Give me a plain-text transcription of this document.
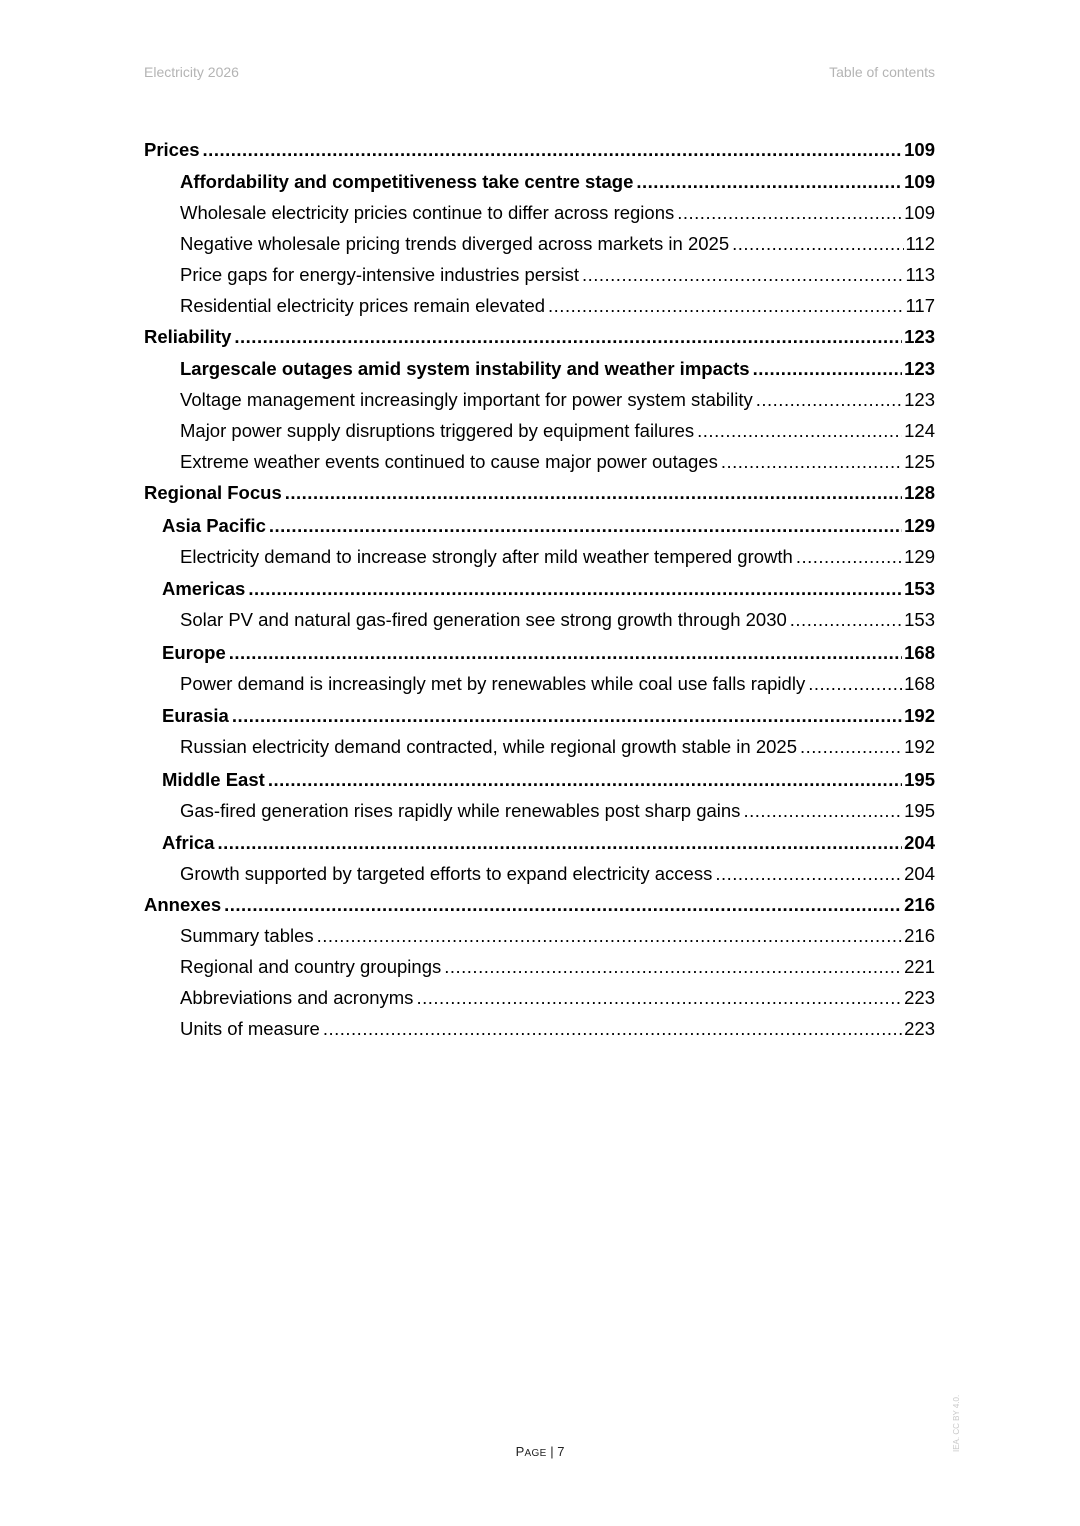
Electricity 2026	Table of contents
Prices .....	109
Affordability and competitiveness take centre stage .....	109
Wholesale electricity pricies continue to differ across regions .....	109
Negative wholesale pricing trends diverged across markets in 2025 .....	112
Price gaps for energy-intensive industries persist .....	113
Residential electricity prices remain elevated .....	117
Reliability .....	123
Largescale outages amid system instability and weather impacts .....	123
Voltage management increasingly important for power system stability .....	123
Major power supply disruptions triggered by equipment failures .....	124
Extreme weather events continued to cause major power outages .....	125
Regional Focus .....	128
Asia Pacific .....	129
Electricity demand to increase strongly after mild weather tempered growth .....	129
Americas .....	153
Solar PV and natural gas-fired generation see strong growth through 2030 .....	153
Europe .....	168
Power demand is increasingly met by renewables while coal use falls rapidly .....	168
Eurasia .....	192
Russian electricity demand contracted, while regional growth stable in 2025 .....	192
Middle East .....	195
Gas-fired generation rises rapidly while renewables post sharp gains .....	195
Africa .....	204
Growth supported by targeted efforts to expand electricity access .....	204
Annexes .....	216
Summary tables .....	216
Regional and country groupings .....	221
Abbreviations and acronyms .....	223
Units of measure .....	223
PAGE | 7	IEA. CC BY 4.0.
